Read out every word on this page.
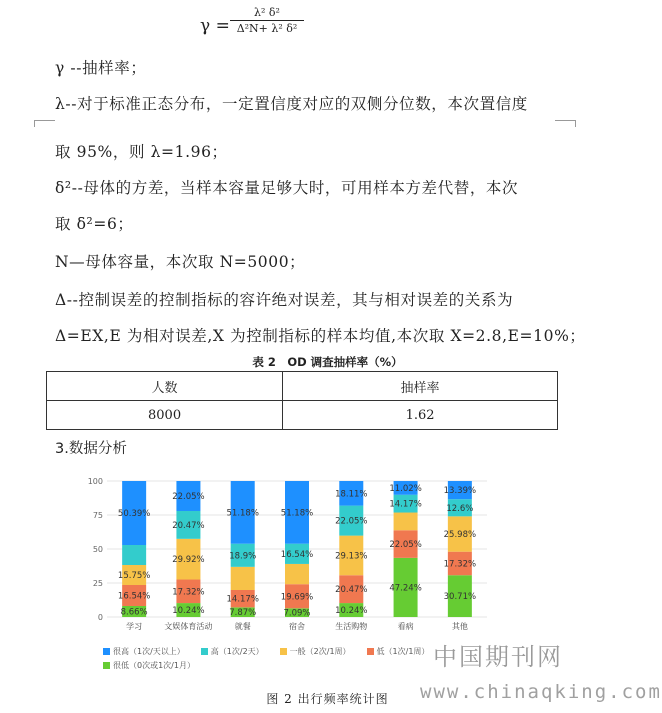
$\gamma = \frac{\text{λ² δ²}}{\text{Δ²N+ λ² δ²}}$
γ --抽样率；
λ--对于标准正态分布，一定置信度对应的双侧分位数，本次置信度
取 95%，则 λ=1.96；
δ²--母体的方差，当样本容量足够大时，可用样本方差代替，本次
取 δ²=6；
N—母体容量，本次取 N=5000；
Δ--控制误差的控制指标的容许绝对误差，其与相对误差的关系为
Δ=EX,E 为相对误差,X 为控制指标的样本均值,本次取 X=2.8,E=10%；
表 2　OD 调查抽样率（%）
人数	抽样率
8000	1.62
3.数据分析
0
25
50
75
100
8.66%
16.54%
15.75%
50.39%
学习
10.24%
17.32%
29.92%
20.47%
22.05%
文娱体育活动
7.87%
14.17%
18.9%
51.18%
就餐
7.09%
19.69%
16.54%
51.18%
宿舍
10.24%
20.47%
29.13%
22.05%
18.11%
生活购物
47.24%
22.05%
14.17%
11.02%
看病
30.71%
17.32%
25.98%
12.6%
13.39%
其他
很高（1次/天以上）	高（1次/2天）	一般（2次/1周）	低（1次/1周）很低（0次或1次/1月）
图 2 出行频率统计图
中国期刊网
www.chinaqking.com
